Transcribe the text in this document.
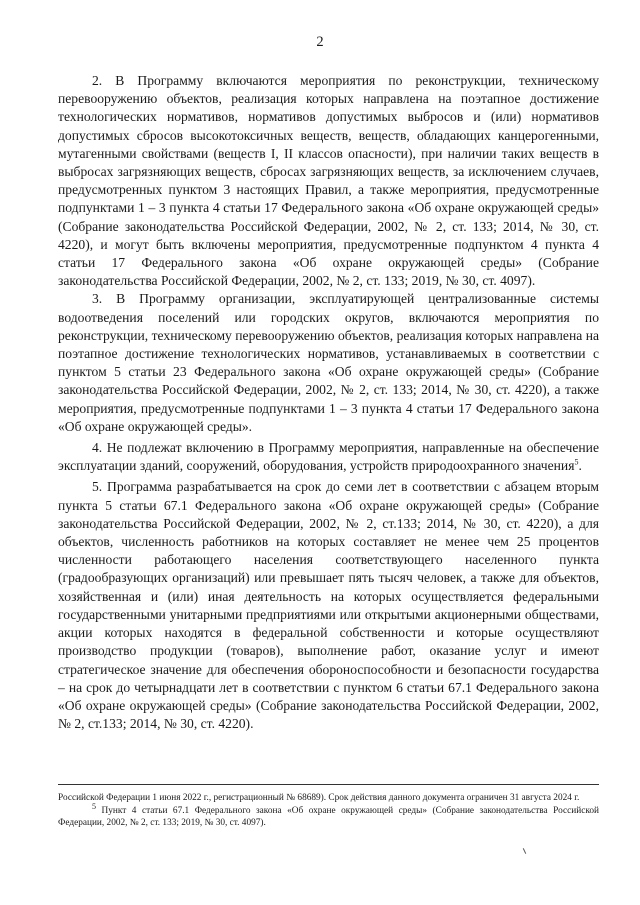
2

2. В Программу включаются мероприятия по реконструкции, техническому перевооружению объектов, реализация которых направлена на поэтапное достижение технологических нормативов, нормативов допустимых выбросов и (или) нормативов допустимых сбросов высокотоксичных веществ, веществ, обладающих канцерогенными, мутагенными свойствами (веществ I, II классов опасности), при наличии таких веществ в выбросах загрязняющих веществ, сбросах загрязняющих веществ, за исключением случаев, предусмотренных пунктом 3 настоящих Правил, а также мероприятия, предусмотренные подпунктами 1 – 3 пункта 4 статьи 17 Федерального закона «Об охране окружающей среды» (Собрание законодательства Российской Федерации, 2002, № 2, ст. 133; 2014, № 30, ст. 4220), и могут быть включены мероприятия, предусмотренные подпунктом 4 пункта 4 статьи 17 Федерального закона «Об охране окружающей среды» (Собрание законодательства Российской Федерации, 2002, № 2, ст. 133; 2019, № 30, ст. 4097).

3. В Программу организации, эксплуатирующей централизованные системы водоотведения поселений или городских округов, включаются мероприятия по реконструкции, техническому перевооружению объектов, реализация которых направлена на поэтапное достижение технологических нормативов, устанавливаемых в соответствии с пунктом 5 статьи 23 Федерального закона «Об охране окружающей среды» (Собрание законодательства Российской Федерации, 2002, № 2, ст. 133; 2014, № 30, ст. 4220), а также мероприятия, предусмотренные подпунктами 1 – 3 пункта 4 статьи 17 Федерального закона «Об охране окружающей среды».

4. Не подлежат включению в Программу мероприятия, направленные на обеспечение эксплуатации зданий, сооружений, оборудования, устройств природоохранного значения$^5$.

5. Программа разрабатывается на срок до семи лет в соответствии с абзацем вторым пункта 5 статьи 67.1 Федерального закона «Об охране окружающей среды» (Собрание законодательства Российской Федерации, 2002, № 2, ст.133; 2014, № 30, ст. 4220), а для объектов, численность работников на которых составляет не менее чем 25 процентов численности работающего населения соответствующего населенного пункта (градообразующих организаций) или превышает пять тысяч человек, а также для объектов, хозяйственная и (или) иная деятельность на которых осуществляется федеральными государственными унитарными предприятиями или открытыми акционерными обществами, акции которых находятся в федеральной собственности и которые осуществляют производство продукции (товаров), выполнение работ, оказание услуг и имеют стратегическое значение для обеспечения обороноспособности и безопасности государства – на срок до четырнадцати лет в соответствии с пунктом 6 статьи 67.1 Федерального закона «Об охране окружающей среды» (Собрание законодательства Российской Федерации, 2002, № 2, ст.133; 2014, № 30, ст. 4220).

Российской Федерации 1 июня 2022 г., регистрационный № 68689). Срок действия данного документа ограничен 31 августа 2024 г.

$^5$ Пункт 4 статьи 67.1 Федерального закона «Об охране окружающей среды» (Собрание законодательства Российской Федерации, 2002, № 2, ст. 133; 2019, № 30, ст. 4097).
